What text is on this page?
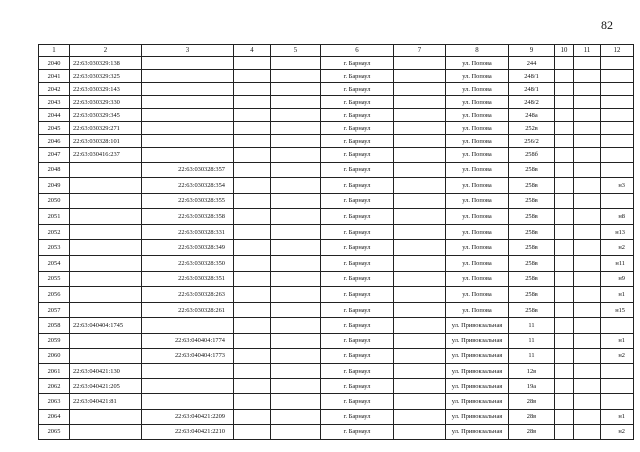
82
1	2	3	4	5	6	7	8	9	10	11	12
2040	22:63:030329:138				г. Барнаул		ул. Попова	244			
2041	22:63:030329:325				г. Барнаул		ул. Попова	248/1			
2042	22:63:030329:143				г. Барнаул		ул. Попова	248/1			
2043	22:63:030329:330				г. Барнаул		ул. Попова	248/2			
2044	22:63:030329:345				г. Барнаул		ул. Попова	248а			
2045	22:63:030329:271				г. Барнаул		ул. Попова	252в			
2046	22:63:030328:101				г. Барнаул		ул. Попова	256/2			
2047	22:63:030416:237				г. Барнаул		ул. Попова	258б			
2048		22:63:030328:357			г. Барнаул		ул. Попова	258в			
2049		22:63:030328:354			г. Барнаул		ул. Попова	258в			н3
2050		22:63:030328:355			г. Барнаул		ул. Попова	258в			
2051		22:63:030328:358			г. Барнаул		ул. Попова	258в			н8
2052		22:63:030328:331			г. Барнаул		ул. Попова	258в			н13
2053		22:63:030328:349			г. Барнаул		ул. Попова	258в			н2
2054		22:63:030328:350			г. Барнаул		ул. Попова	258в			н11
2055		22:63:030328:351			г. Барнаул		ул. Попова	258в			н9
2056		22:63:030328:263			г. Барнаул		ул. Попова	258в			н1
2057		22:63:030328:261			г. Барнаул		ул. Попова	258в			н15
2058	22:63:040404:1745				г. Барнаул		ул. Привокзальная	11			
2059		22:63:040404:1774			г. Барнаул		ул. Привокзальная	11			н1
2060		22:63:040404:1773			г. Барнаул		ул. Привокзальная	11			н2
2061	22:63:040421:130				г. Барнаул		ул. Привокзальная	12в			
2062	22:63:040421:205				г. Барнаул		ул. Привокзальная	19а			
2063	22:63:040421:81				г. Барнаул		ул. Привокзальная	28в			
2064		22:63:040421:2209			г. Барнаул		ул. Привокзальная	28в			н1
2065		22:63:040421:2210			г. Барнаул		ул. Привокзальная	28в			н2
